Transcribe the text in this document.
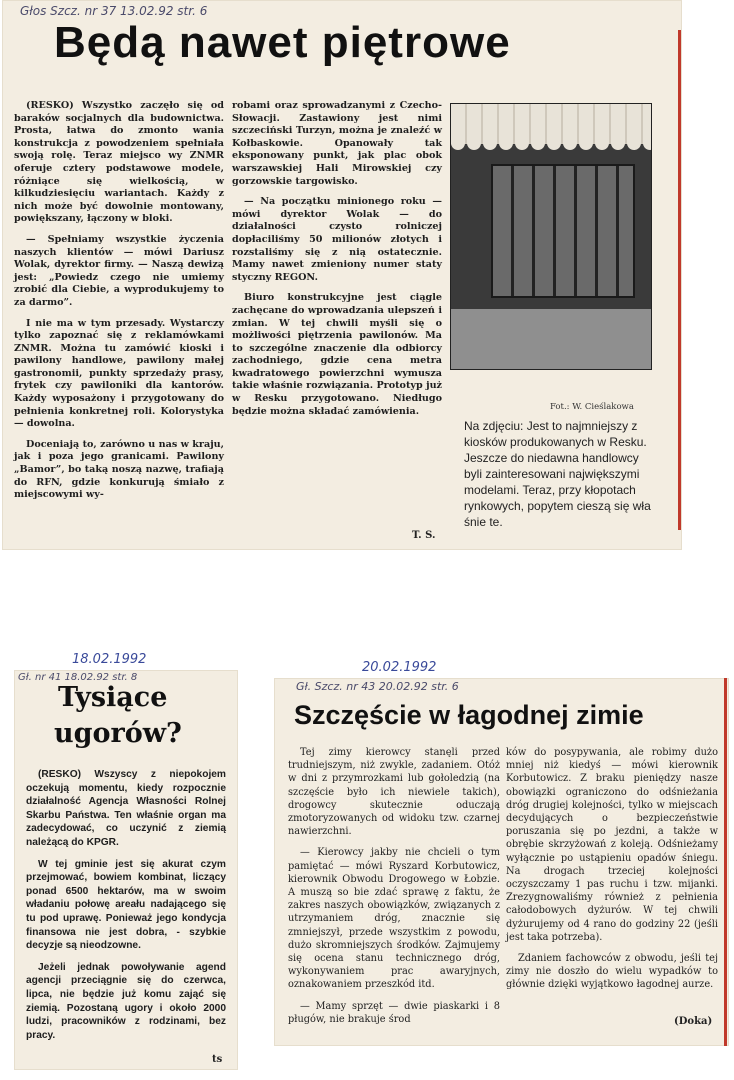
Głos Szcz. nr 37 13.02.92 str. 6
Będą nawet piętrowe

(RESKO) Wszystko zaczęło się od baraków socjalnych dla budownictwa. Prosta, łatwa do zmonto wania konstrukcja z powodzeniem spełniała swoją rolę. Teraz miejsco wy ZNMR oferuje cztery podstawowe modele, różniące się wielkością, w kilkudziesięciu wariantach. Każdy z nich może być dowolnie montowany, powiększany, łączony w bloki.

— Spełniamy wszystkie życzenia naszych klientów — mówi Dariusz Wolak, dyrektor firmy. — Naszą dewizą jest: „Powiedz czego nie umiemy zrobić dla Ciebie, a wyprodukujemy to za darmo”.

I nie ma w tym przesady. Wystarczy tylko zapoznać się z reklamówkami ZNMR. Można tu zamówić kioski i pawilony handlowe, pawilony małej gastronomii, punkty sprzedaży prasy, frytek czy pawiloniki dla kantorów. Każdy wyposażony i przygotowany do pełnienia konkretnej roli. Kolorystyka — dowolna.

Doceniają to, zarówno u nas w kraju, jak i poza jego granicami. Pawilony „Bamor”, bo taką noszą nazwę, trafiają do RFN, gdzie konkurują śmiało z miejscowymi wy-

robami oraz sprowadzanymi z Czecho-Słowacji. Zastawiony jest nimi szczeciński Turzyn, można je znaleźć w Kołbaskowie. Opanowały tak eksponowany punkt, jak plac obok warszawskiej Hali Mirowskiej czy gorzowskie targowisko.

— Na początku minionego roku — mówi dyrektor Wolak — do działalności czysto rolniczej dopłaciliśmy 50 milionów złotych i rozstaliśmy się z nią ostatecznie. Mamy nawet zmieniony numer staty styczny REGON.

Biuro konstrukcyjne jest ciągle zachęcane do wprowadzania ulepszeń i zmian. W tej chwili myśli się o możliwości piętrzenia pawilonów. Ma to szczególne znaczenie dla odbiorcy zachodniego, gdzie cena metra kwadratowego powierzchni wymusza takie właśnie rozwiązania. Prototyp już w Resku przygotowano. Niedługo będzie można składać zamówienia.	Fot.: W. Cieślakowa
Na zdjęciu: Jest to najmniejszy z kiosków produkowanych w Resku. Jeszcze do niedawna handlowcy byli zainteresowani największymi modelami. Teraz, przy kłopotach rynkowych, popytem cieszą się wła śnie te.
T. S.

18.02.1992
Gł. nr 41 18.02.92 str. 8
Tysiące
ugorów?

(RESKO) Wszyscy z niepokojem oczekują momentu, kiedy rozpocznie działalność Agencja Własności Rolnej Skarbu Państwa. Ten właśnie organ ma zadecydować, co uczynić z ziemią należącą do KPGR.

W tej gminie jest się akurat czym przejmować, bowiem kombinat, liczący ponad 6500 hektarów, ma w swoim władaniu połowę areału nadającego się tu pod uprawę. Ponieważ jego kondycja finansowa nie jest dobra, - szybkie decyzje są nieodzowne.

Jeżeli jednak powoływanie agend agencji przeciągnie się do czerwca, lipca, nie będzie już komu zająć się ziemią. Pozostaną ugory i około 2000 ludzi, pracowników z rodzinami, bez pracy.

ts
20.02.1992
Gł. Szcz. nr 43 20.02.92 str. 6
Szczęście w łagodnej zimie

Tej zimy kierowcy stanęli przed trudniejszym, niż zwykle, zadaniem. Otóż w dni z przymrozkami lub gołoledzią (na szczęście było ich niewiele takich), drogowcy skutecznie oduczają zmotoryzowanych od widoku tzw. czarnej nawierzchni.

— Kierowcy jakby nie chcieli o tym pamiętać — mówi Ryszard Korbutowicz, kierownik Obwodu Drogowego w Łobzie. A muszą so bie zdać sprawę z faktu, że zakres naszych obowiązków, związanych z utrzymaniem dróg, znacznie się zmniejszył, przede wszystkim z powodu, dużo skromniejszych środków. Zajmujemy się ocena stanu technicznego dróg, wykonywaniem prac awaryjnych, oznakowaniem przeszkód itd.

— Mamy sprzęt — dwie piaskarki i 8 pługów, nie brakuje środ

ków do posypywania, ale robimy dużo mniej niż kiedyś — mówi kierownik Korbutowicz. Z braku pieniędzy nasze obowiązki ograniczono do odśnieżania dróg drugiej kolejności, tylko w miejscach decydujących o bezpieczeństwie poruszania się po jezdni, a także w obrębie skrzyżowań z koleją. Odśnieżamy wyłącznie po ustąpieniu opadów śniegu. Na drogach trzeciej kolejności oczyszczamy 1 pas ruchu i tzw. mijanki. Zrezygnowaliśmy również z pełnienia całodobowych dyżurów. W tej chwili dyżurujemy od 4 rano do godziny 22 (jeśli jest taka potrzeba).

Zdaniem fachowców z obwodu, jeśli tej zimy nie doszło do wielu wypadków to głównie dzięki wyjątkowo łagodnej aurze.

(Doka)
